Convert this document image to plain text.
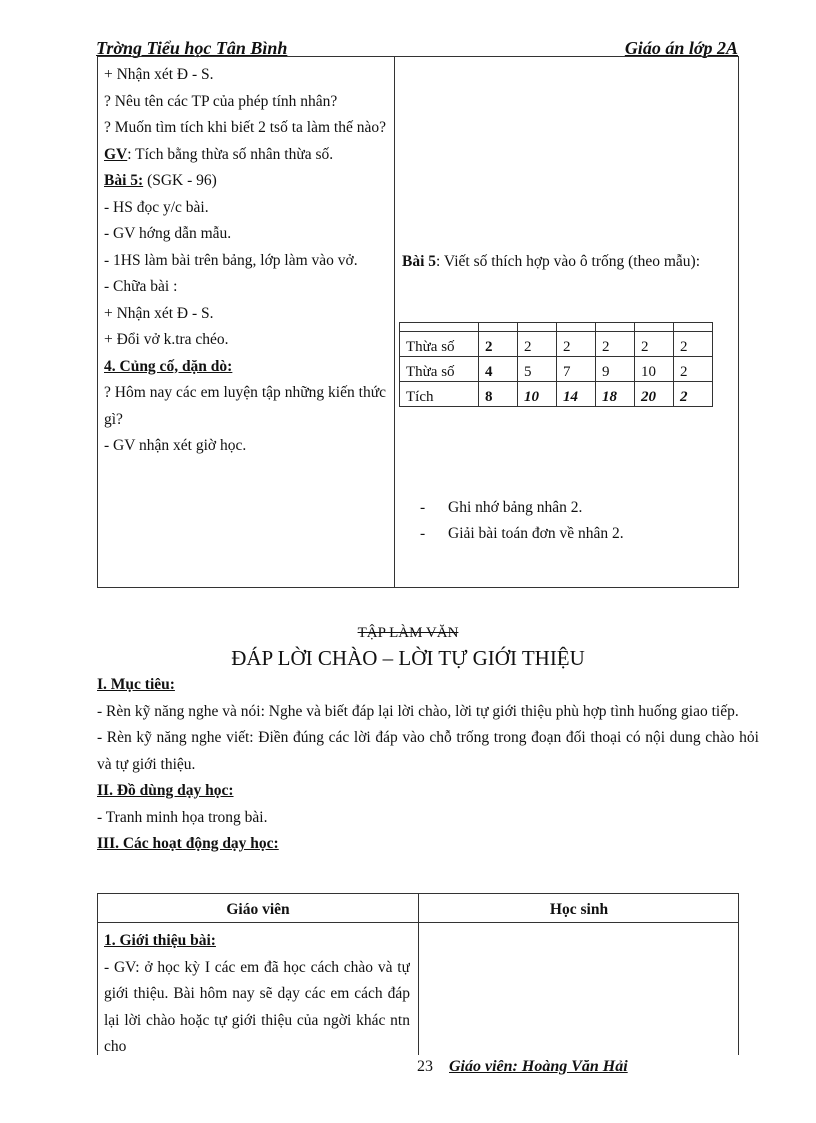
Trờng Tiểu học Tân Bình	Giáo án lớp 2A

+ Nhận xét Đ - S.

? Nêu tên các TP của phép tính nhân?

? Muốn tìm tích khi biết 2 tsố ta làm thế nào?

GV: Tích bằng thừa số nhân thừa số.

Bài 5: (SGK - 96)

- HS đọc y/c bài.

- GV hớng dẫn mẫu.

- 1HS làm bài trên bảng, lớp làm vào vở.

- Chữa bài :

+ Nhận xét Đ - S.

+ Đổi vở k.tra chéo.

4. Củng cố, dặn dò:

? Hôm nay các em luyện tập những kiến thức gì?

- GV nhận xét giờ học.

Bài 5: Viết số thích hợp vào ô trống (theo mẫu):

Thừa số	2	2	2	2	2	2
Thừa số	4	5	7	9	10	2
Tích	8	10	14	18	20	2
-	Ghi nhớ bảng nhân 2.
-	Giải bài toán đơn về nhân 2.
TẬP LÀM VĂN
ĐÁP LỜI CHÀO – LỜI TỰ GIỚI THIỆU

I. Mục tiêu:

- Rèn kỹ năng nghe và nói: Nghe và biết đáp lại lời chào, lời tự giới thiệu phù hợp tình huống giao tiếp.

- Rèn kỹ năng nghe viết: Điền đúng các lời đáp vào chỗ trống trong đoạn đối thoại có nội dung chào hỏi và tự giới thiệu.

II. Đồ dùng dạy học:

- Tranh minh họa trong bài.

III. Các hoạt động dạy học:

Giáo viên	Học sinh

1. Giới thiệu bài:

- GV: ở học kỳ I các em đã học cách chào và tự giới thiệu. Bài hôm nay sẽ dạy các em cách đáp lại lời chào hoặc tự giới thiệu của ngời khác ntn cho

23 Giáo viên: Hoàng Văn Hải
